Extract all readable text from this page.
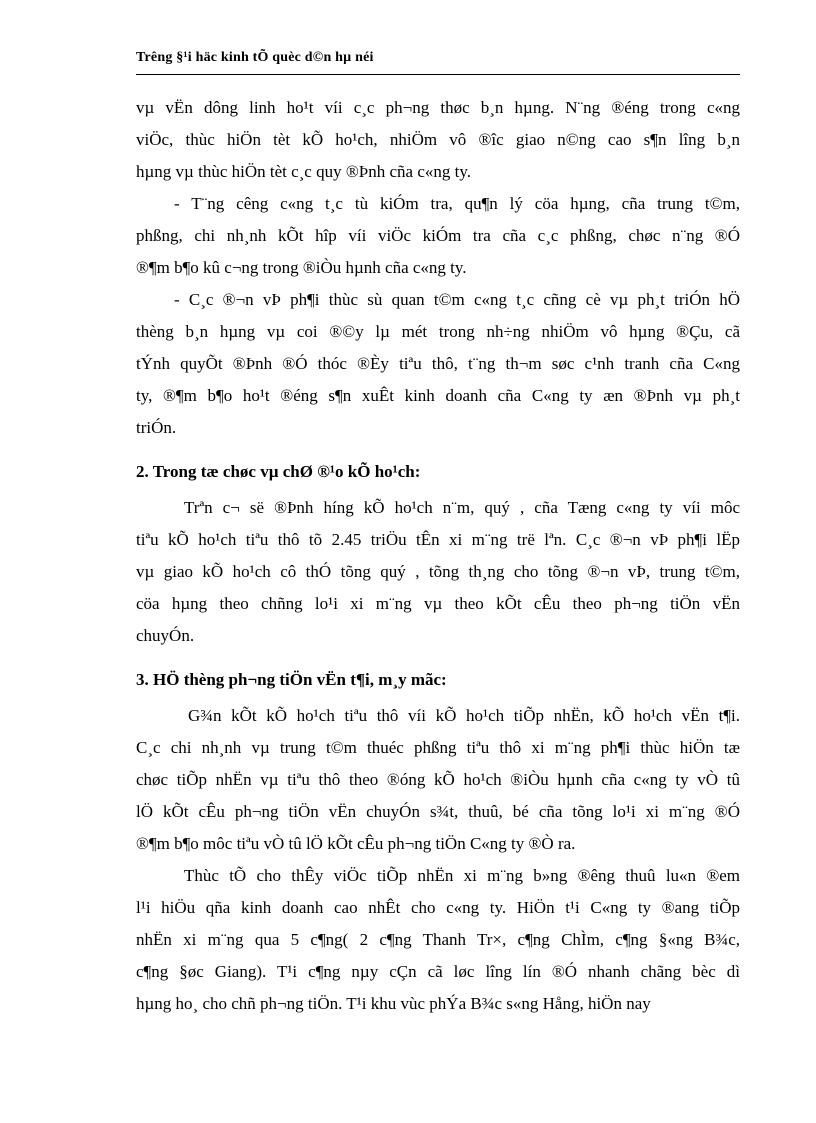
Trêng §¹i häc kinh tÕ quèc d©n hµ néi

vµ vËn dông linh ho¹t víi c¸c ph¬ng thøc b¸n hµng. N¨ng ®éng trong c«ng

viÖc, thùc hiÖn tèt kÕ ho¹ch, nhiÖm vô ®îc giao n©ng cao s¶n lîng b¸n

hµng vµ thùc hiÖn tèt c¸c quy ®Þnh cña c«ng ty.

- T¨ng cêng c«ng t¸c tù kiÓm tra, qu¶n lý cöa hµng, cña trung t©m,

phßng, chi nh¸nh kÕt hîp víi viÖc kiÓm tra cña c¸c phßng, chøc n¨ng ®Ó

®¶m b¶o kû c¬ng trong ®iÒu hµnh cña c«ng ty.

- C¸c ®¬n vÞ ph¶i thùc sù quan t©m c«ng t¸c cñng cè vµ ph¸t triÓn hÖ

thèng b¸n hµng vµ coi ®©y lµ mét trong nh÷ng nhiÖm vô hµng ®Çu, cã

tÝnh quyÕt ®Þnh ®Ó thóc ®Èy tiªu thô, t¨ng th¬m søc c¹nh tranh cña C«ng

ty, ®¶m b¶o ho¹t ®éng s¶n xuÊt kinh doanh cña C«ng ty æn ®Þnh vµ ph¸t

triÓn.

2. Trong tæ chøc vµ chØ ®¹o kÕ ho¹ch:

Trªn c¬ së ®Þnh híng kÕ ho¹ch n¨m, quý , cña Tæng c«ng ty víi môc

tiªu kÕ ho¹ch tiªu thô tõ 2.45 triÖu tÊn xi m¨ng trë lªn. C¸c ®¬n vÞ ph¶i lËp

vµ giao kÕ ho¹ch cô thÓ tõng quý , tõng th¸ng cho tõng ®¬n vÞ, trung t©m,

cöa hµng theo chñng lo¹i xi m¨ng vµ theo kÕt cÊu theo ph¬ng tiÖn vËn

chuyÓn.

3. HÖ thèng ph¬ng tiÖn vËn t¶i, m¸y mãc:

G¾n kÕt kÕ ho¹ch tiªu thô víi kÕ ho¹ch tiÕp nhËn, kÕ ho¹ch vËn t¶i.

C¸c chi nh¸nh vµ trung t©m thuéc phßng tiªu thô xi m¨ng ph¶i thùc hiÖn tæ

chøc tiÕp nhËn vµ tiªu thô theo ®óng kÕ ho¹ch ®iÒu hµnh cña c«ng ty vÒ tû

lÖ kÕt cÊu ph¬ng tiÖn vËn chuyÓn s¾t, thuû, bé cña tõng lo¹i xi m¨ng ®Ó

®¶m b¶o môc tiªu vÒ tû lÖ kÕt cÊu ph¬ng tiÖn C«ng ty ®Ò ra.

Thùc tÕ cho thÊy viÖc tiÕp nhËn xi m¨ng b»ng ®êng thuû lu«n ®em

l¹i hiÖu qña kinh doanh cao nhÊt cho c«ng ty. HiÖn t¹i C«ng ty ®ang tiÕp

nhËn xi m¨ng qua 5 c¶ng( 2 c¶ng Thanh Tr×, c¶ng ChÌm, c¶ng §«ng B¾c,

c¶ng §øc Giang). T¹i c¶ng nµy cÇn cã løc lîng lín ®Ó nhanh chãng bèc dì

hµng ho¸ cho chñ ph¬ng tiÖn. T¹i khu vùc phÝa B¾c s«ng Hång, hiÖn nay
